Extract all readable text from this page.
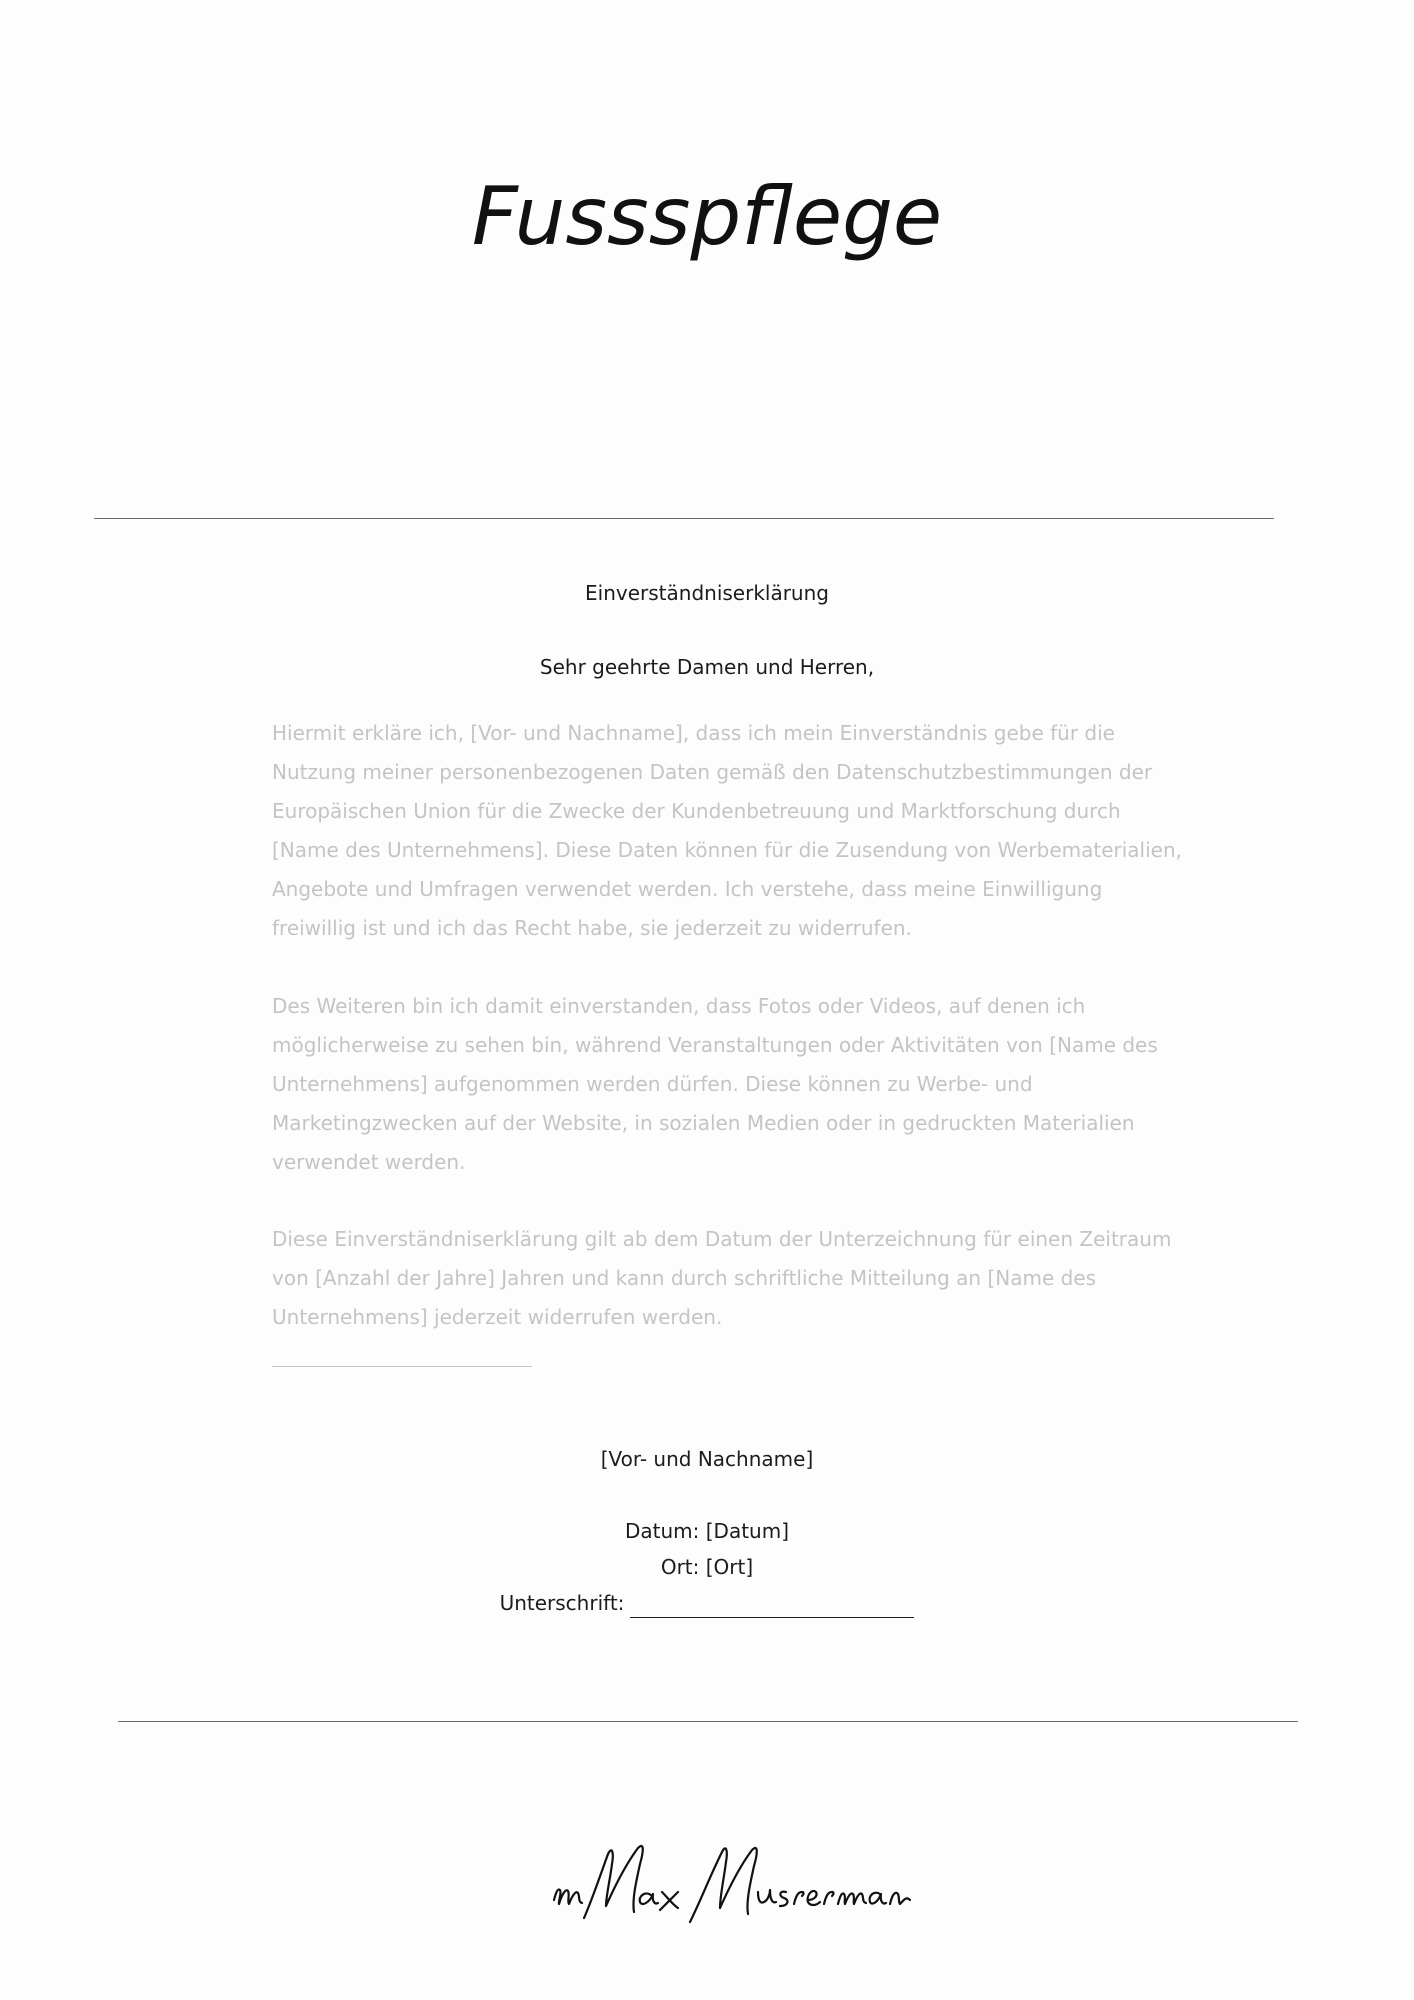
Fussspflege
Einverständniserklärung
Sehr geehrte Damen und Herren,

Hiermit erkläre ich, [Vor- und Nachname], dass ich mein Einverständnis gebe für die Nutzung meiner personenbezogenen Daten gemäß den Datenschutzbestimmungen der Europäischen Union für die Zwecke der Kundenbetreuung und Marktforschung durch [Name des Unternehmens]. Diese Daten können für die Zusendung von Werbematerialien, Angebote und Umfragen verwendet werden. Ich verstehe, dass meine Einwilligung freiwillig ist und ich das Recht habe, sie jederzeit zu widerrufen.

Des Weiteren bin ich damit einverstanden, dass Fotos oder Videos, auf denen ich möglicherweise zu sehen bin, während Veranstaltungen oder Aktivitäten von [Name des Unternehmens] aufgenommen werden dürfen. Diese können zu Werbe- und Marketingzwecken auf der Website, in sozialen Medien oder in gedruckten Materialien verwendet werden.

Diese Einverständniserklärung gilt ab dem Datum der Unterzeichnung für einen Zeitraum von [Anzahl der Jahre] Jahren und kann durch schriftliche Mitteilung an [Name des Unternehmens] jederzeit widerrufen werden.

[Vor- und Nachname]
Datum: [Datum]
Ort: [Ort]
Unterschrift:
